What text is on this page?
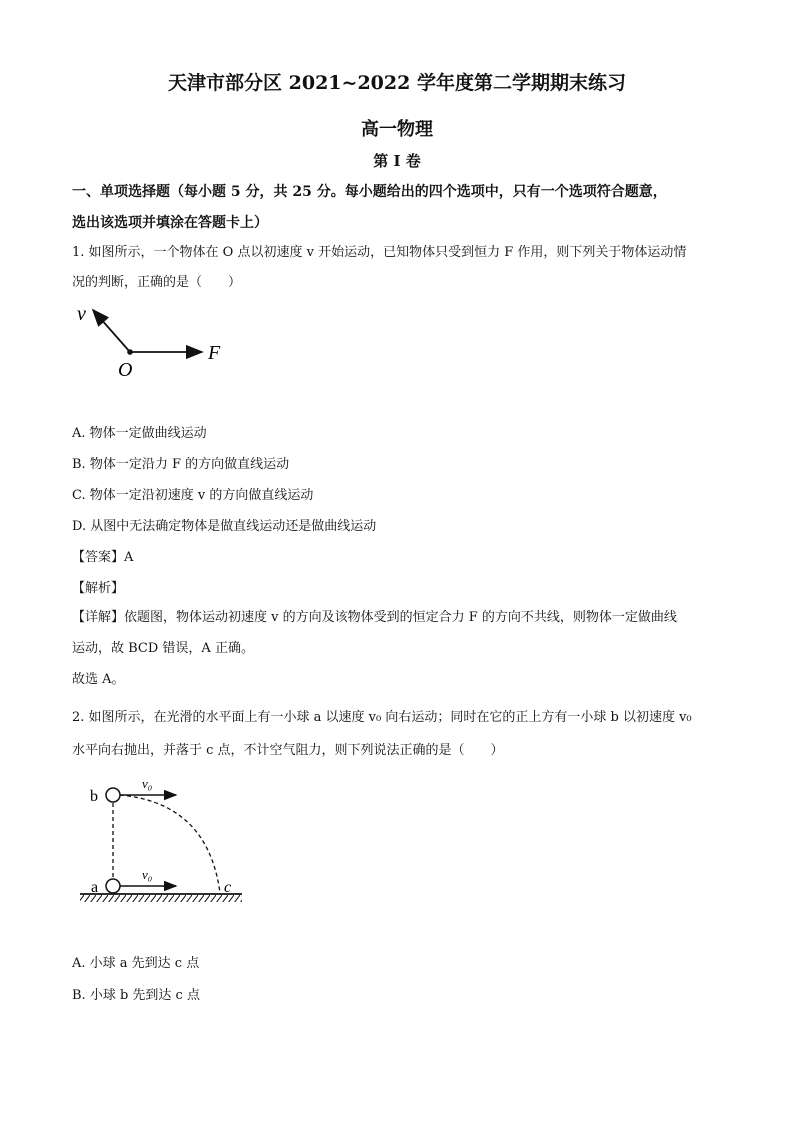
天津市部分区 2021~2022 学年度第二学期期末练习
高一物理
第 I 卷
一、单项选择题（每小题 5 分，共 25 分。每小题给出的四个选项中，只有一个选项符合题意，
选出该选项并填涂在答题卡上）
1. 如图所示，一个物体在 O 点以初速度 v 开始运动，已知物体只受到恒力 F 作用，则下列关于物体运动情
况的判断，正确的是（　　）
v
O
F
A. 物体一定做曲线运动
B. 物体一定沿力 F 的方向做直线运动
C. 物体一定沿初速度 v 的方向做直线运动
D. 从图中无法确定物体是做直线运动还是做曲线运动
【答案】A
【解析】
【详解】依题图，物体运动初速度 v 的方向及该物体受到的恒定合力 F 的方向不共线，则物体一定做曲线
运动，故 BCD 错误，A 正确。
故选 A。
2. 如图所示，在光滑的水平面上有一小球 a 以速度 v₀ 向右运动；同时在它的正上方有一小球 b 以初速度 v₀
水平向右抛出，并落于 c 点，不计空气阻力，则下列说法正确的是（　　）
b
a
v₀
v₀
c
A. 小球 a 先到达 c 点
B. 小球 b 先到达 c 点
